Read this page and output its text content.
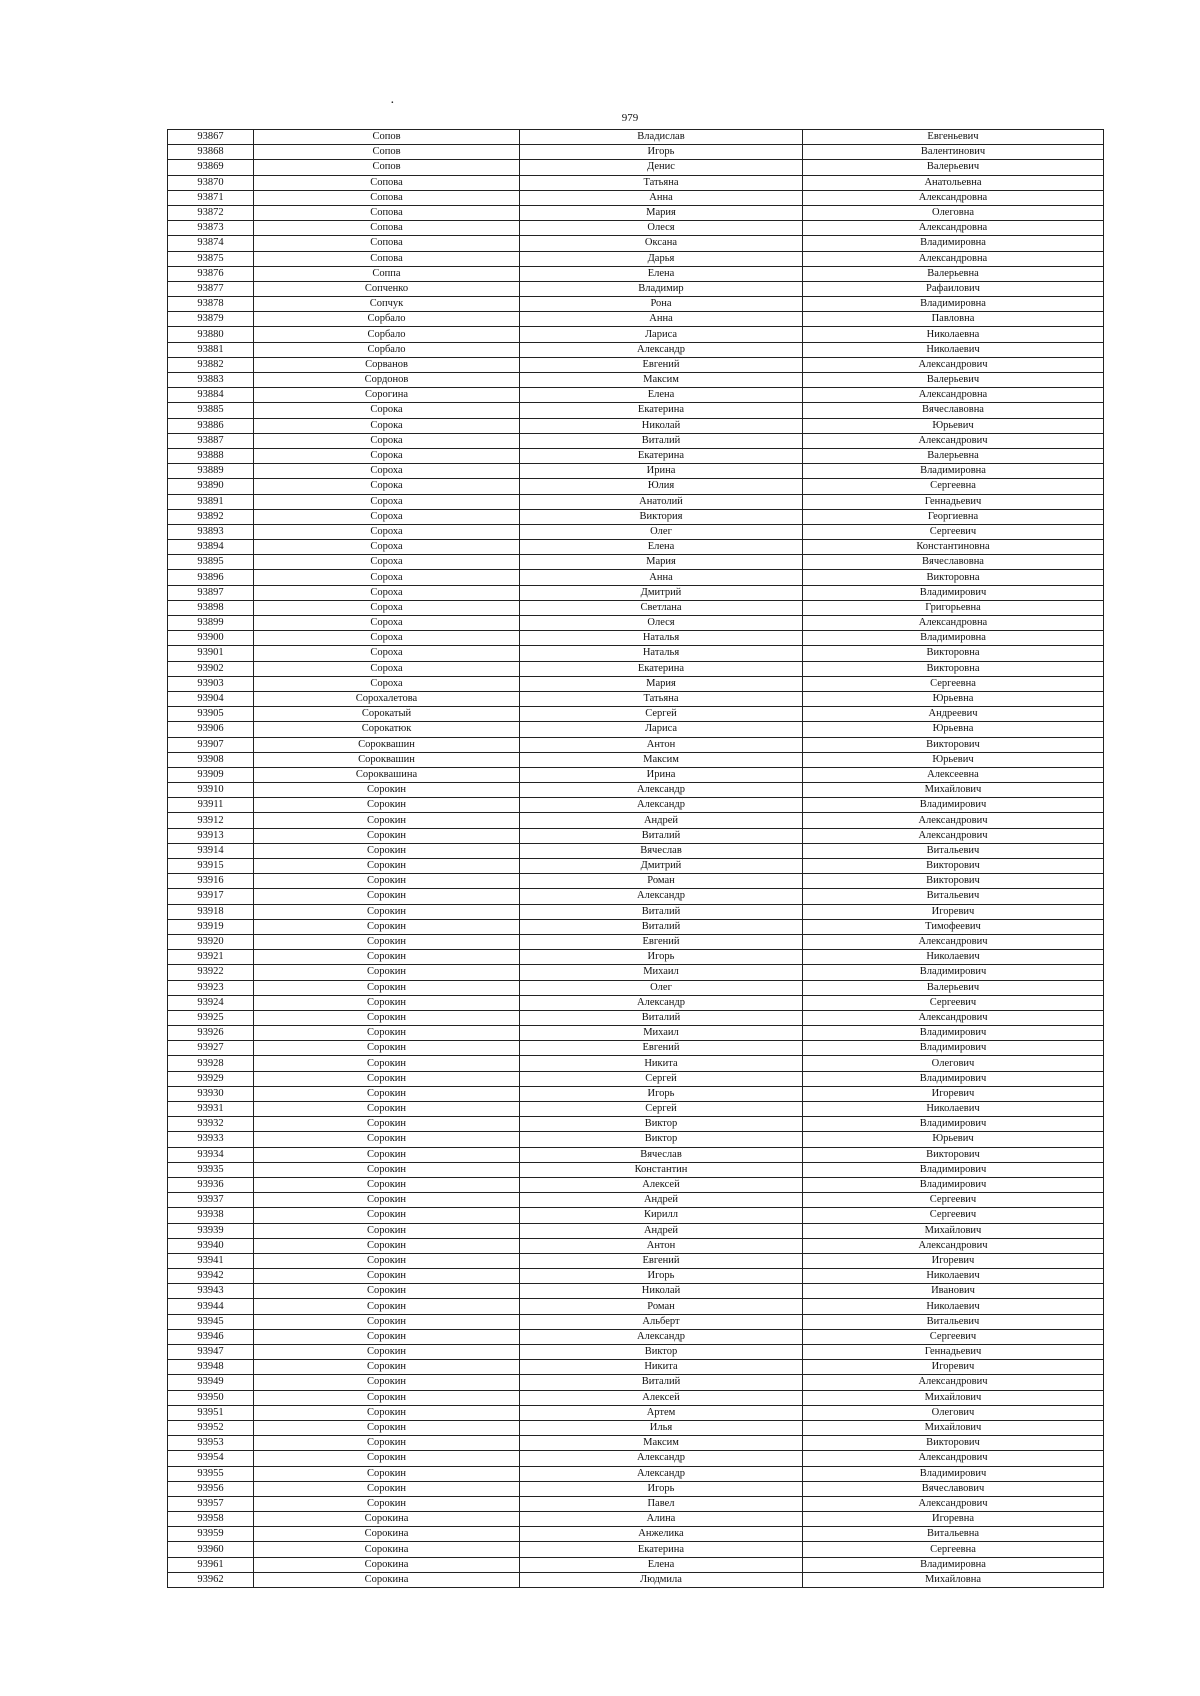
·
979
93867	Сопов	Владислав	Евгеньевич
93868	Сопов	Игорь	Валентинович
93869	Сопов	Денис	Валерьевич
93870	Сопова	Татьяна	Анатольевна
93871	Сопова	Анна	Александровна
93872	Сопова	Мария	Олеговна
93873	Сопова	Олеся	Александровна
93874	Сопова	Оксана	Владимировна
93875	Сопова	Дарья	Александровна
93876	Соппа	Елена	Валерьевна
93877	Сопченко	Владимир	Рафаилович
93878	Сопчук	Рона	Владимировна
93879	Сорбало	Анна	Павловна
93880	Сорбало	Лариса	Николаевна
93881	Сорбало	Александр	Николаевич
93882	Сорванов	Евгений	Александрович
93883	Сордонов	Максим	Валерьевич
93884	Сорогина	Елена	Александровна
93885	Сорока	Екатерина	Вячеславовна
93886	Сорока	Николай	Юрьевич
93887	Сорока	Виталий	Александрович
93888	Сорока	Екатерина	Валерьевна
93889	Сороха	Ирина	Владимировна
93890	Сорока	Юлия	Сергеевна
93891	Сороха	Анатолий	Геннадьевич
93892	Сороха	Виктория	Георгиевна
93893	Сороха	Олег	Сергеевич
93894	Сороха	Елена	Константиновна
93895	Сороха	Мария	Вячеславовна
93896	Сороха	Анна	Викторовна
93897	Сороха	Дмитрий	Владимирович
93898	Сороха	Светлана	Григорьевна
93899	Сороха	Олеся	Александровна
93900	Сороха	Наталья	Владимировна
93901	Сороха	Наталья	Викторовна
93902	Сороха	Екатерина	Викторовна
93903	Сороха	Мария	Сергеевна
93904	Сорохалетова	Татьяна	Юрьевна
93905	Сорокатый	Сергей	Андреевич
93906	Сорокатюк	Лариса	Юрьевна
93907	Сороквашин	Антон	Викторович
93908	Сороквашин	Максим	Юрьевич
93909	Сороквашина	Ирина	Алексеевна
93910	Сорокин	Александр	Михайлович
93911	Сорокин	Александр	Владимирович
93912	Сорокин	Андрей	Александрович
93913	Сорокин	Виталий	Александрович
93914	Сорокин	Вячеслав	Витальевич
93915	Сорокин	Дмитрий	Викторович
93916	Сорокин	Роман	Викторович
93917	Сорокин	Александр	Витальевич
93918	Сорокин	Виталий	Игоревич
93919	Сорокин	Виталий	Тимофеевич
93920	Сорокин	Евгений	Александрович
93921	Сорокин	Игорь	Николаевич
93922	Сорокин	Михаил	Владимирович
93923	Сорокин	Олег	Валерьевич
93924	Сорокин	Александр	Сергеевич
93925	Сорокин	Виталий	Александрович
93926	Сорокин	Михаил	Владимирович
93927	Сорокин	Евгений	Владимирович
93928	Сорокин	Никита	Олегович
93929	Сорокин	Сергей	Владимирович
93930	Сорокин	Игорь	Игоревич
93931	Сорокин	Сергей	Николаевич
93932	Сорокин	Виктор	Владимирович
93933	Сорокин	Виктор	Юрьевич
93934	Сорокин	Вячеслав	Викторович
93935	Сорокин	Константин	Владимирович
93936	Сорокин	Алексей	Владимирович
93937	Сорокин	Андрей	Сергеевич
93938	Сорокин	Кирилл	Сергеевич
93939	Сорокин	Андрей	Михайлович
93940	Сорокин	Антон	Александрович
93941	Сорокин	Евгений	Игоревич
93942	Сорокин	Игорь	Николаевич
93943	Сорокин	Николай	Иванович
93944	Сорокин	Роман	Николаевич
93945	Сорокин	Альберт	Витальевич
93946	Сорокин	Александр	Сергеевич
93947	Сорокин	Виктор	Геннадьевич
93948	Сорокин	Никита	Игоревич
93949	Сорокин	Виталий	Александрович
93950	Сорокин	Алексей	Михайлович
93951	Сорокин	Артем	Олегович
93952	Сорокин	Илья	Михайлович
93953	Сорокин	Максим	Викторович
93954	Сорокин	Александр	Александрович
93955	Сорокин	Александр	Владимирович
93956	Сорокин	Игорь	Вячеславович
93957	Сорокин	Павел	Александрович
93958	Сорокина	Алина	Игоревна
93959	Сорокина	Анжелика	Витальевна
93960	Сорокина	Екатерина	Сергеевна
93961	Сорокина	Елена	Владимировна
93962	Сорокина	Людмила	Михайловна
